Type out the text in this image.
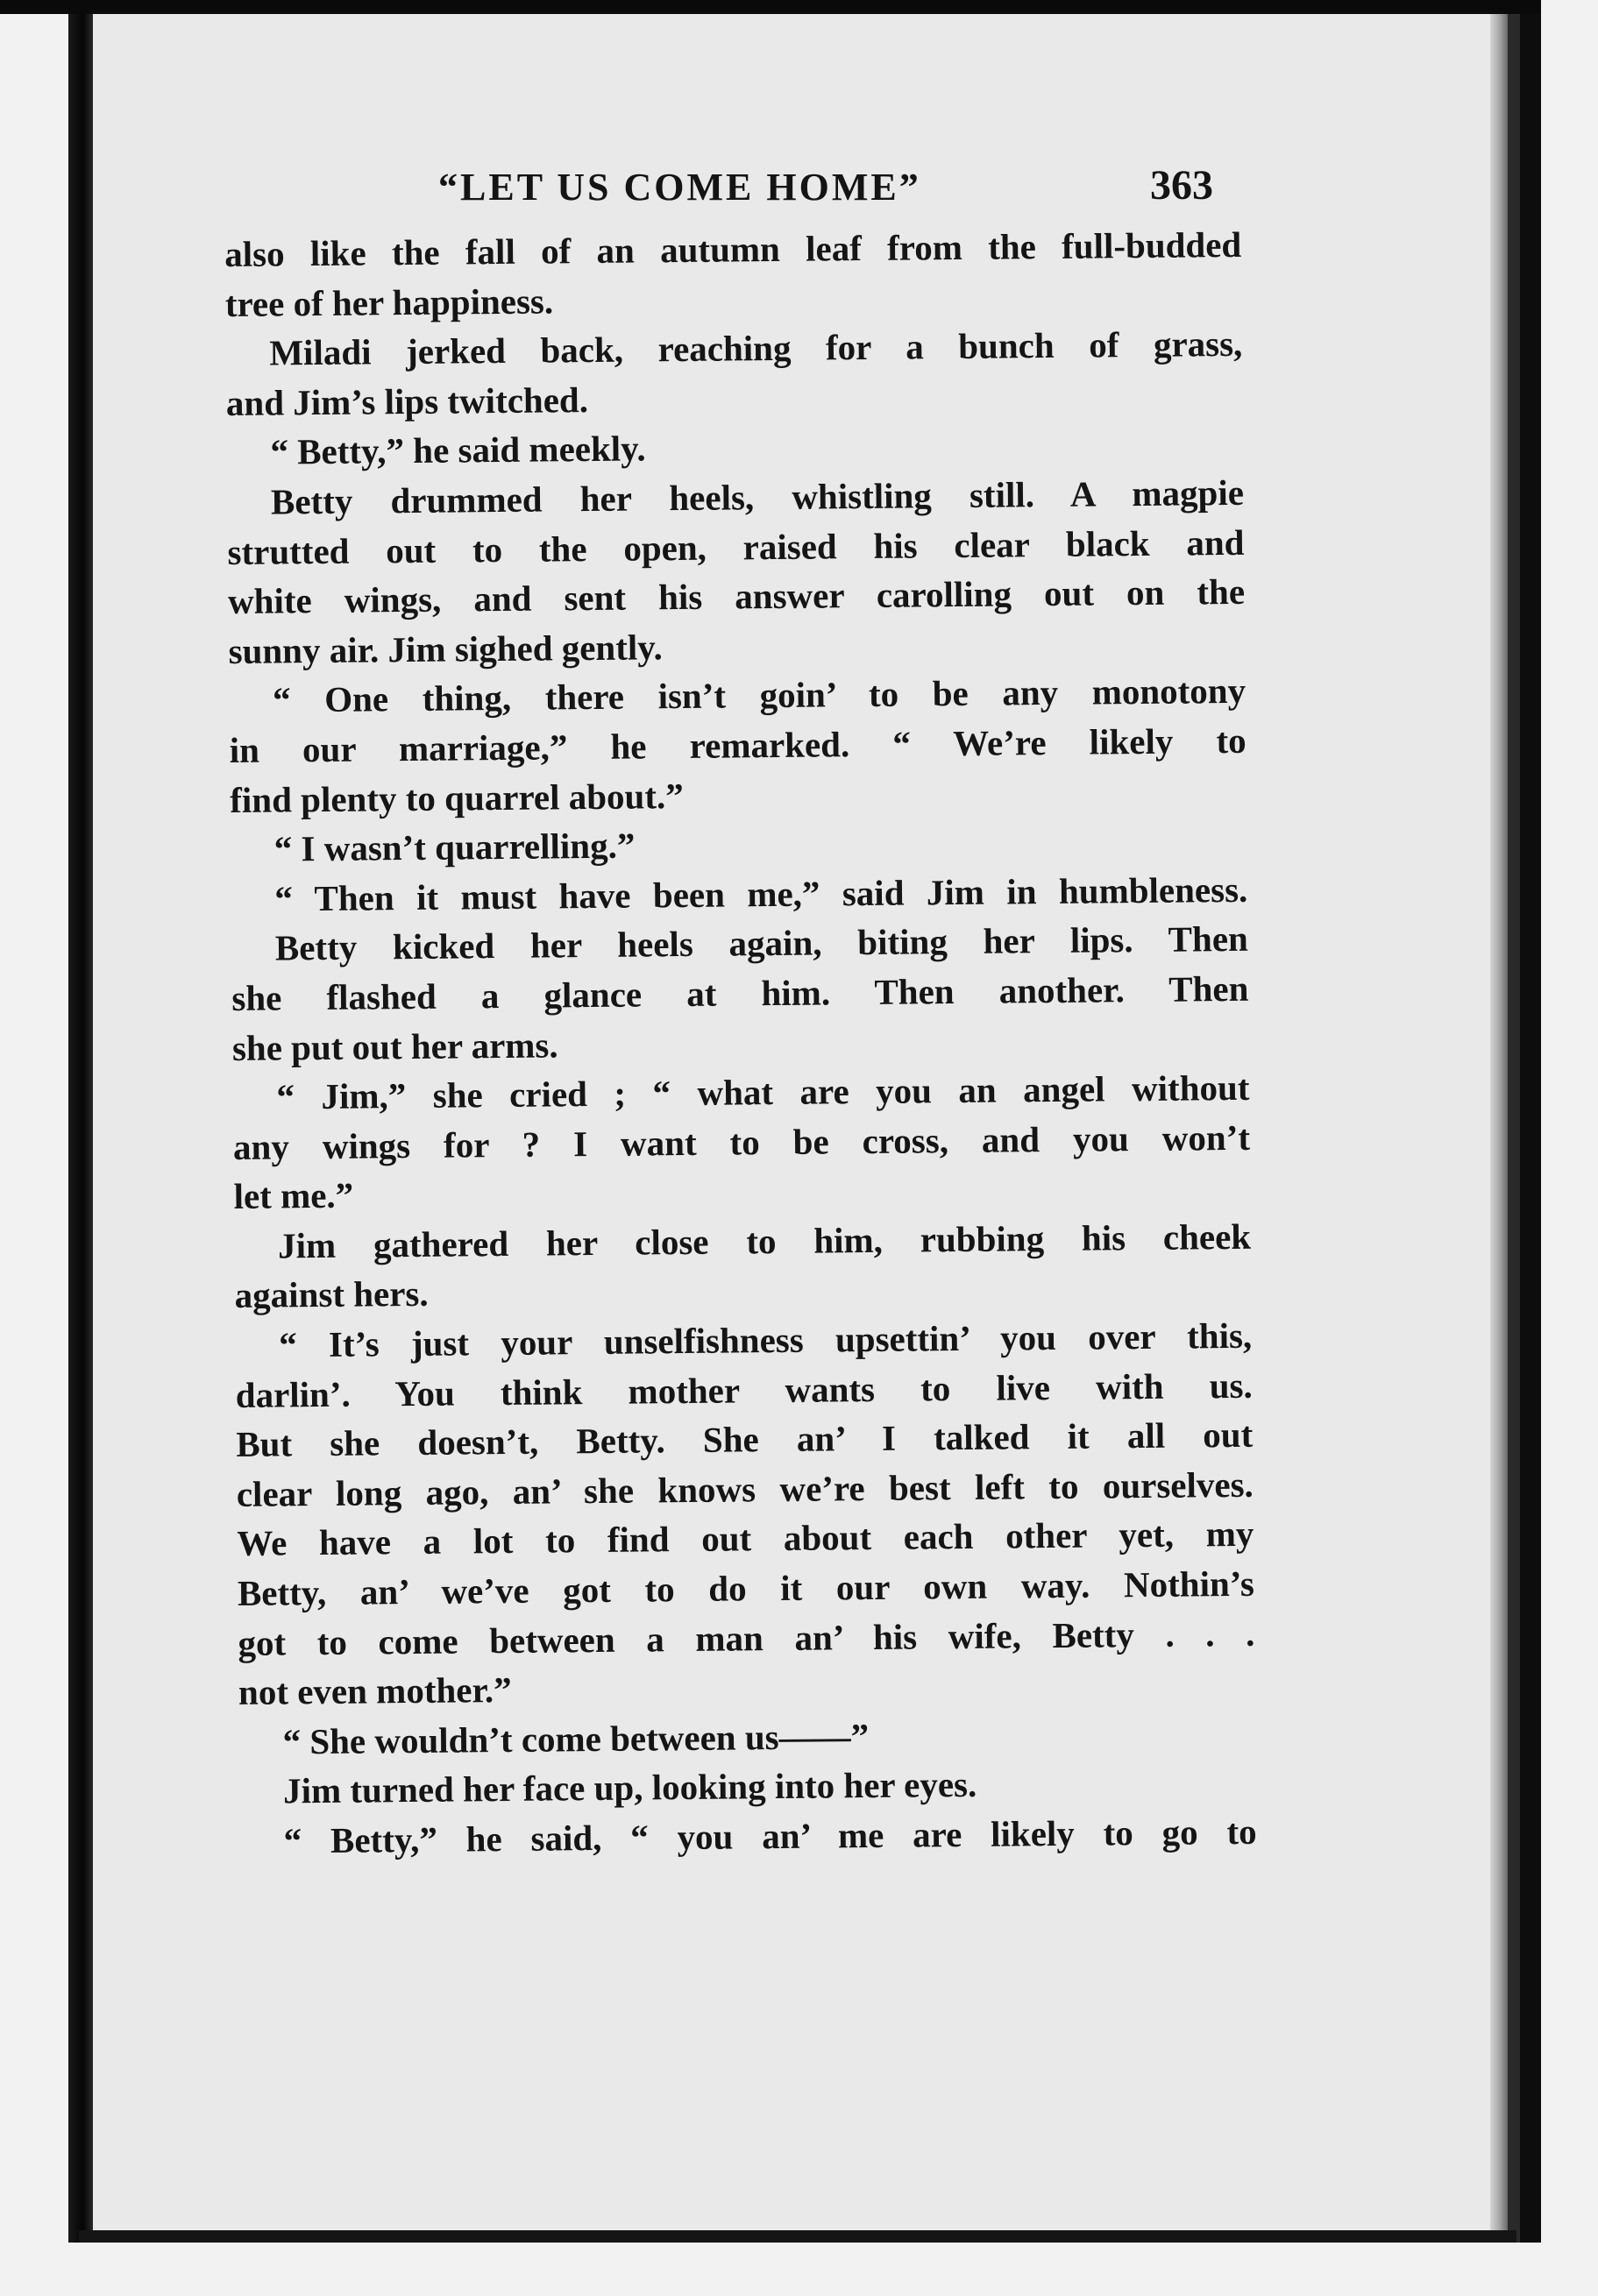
“LET US COME HOME”	363
also like the fall of an autumn leaf from the full-budded
tree of her happiness.
Miladi jerked back, reaching for a bunch of grass,
and Jim’s lips twitched.
“ Betty,” he said meekly.
Betty drummed her heels, whistling still. A magpie
strutted out to the open, raised his clear black and
white wings, and sent his answer carolling out on the
sunny air. Jim sighed gently.
“ One thing, there isn’t goin’ to be any monotony
in our marriage,” he remarked. “ We’re likely to
find plenty to quarrel about.”
“ I wasn’t quarrelling.”
“ Then it must have been me,” said Jim in humbleness.
Betty kicked her heels again, biting her lips. Then
she flashed a glance at him. Then another. Then
she put out her arms.
“ Jim,” she cried ; “ what are you an angel without
any wings for ? I want to be cross, and you won’t
let me.”
Jim gathered her close to him, rubbing his cheek
against hers.
“ It’s just your unselfishness upsettin’ you over this,
darlin’. You think mother wants to live with us.
But she doesn’t, Betty. She an’ I talked it all out
clear long ago, an’ she knows we’re best left to ourselves.
We have a lot to find out about each other yet, my
Betty, an’ we’ve got to do it our own way. Nothin’s
got to come between a man an’ his wife, Betty . . .
not even mother.”
“ She wouldn’t come between us——”
Jim turned her face up, looking into her eyes.
“ Betty,” he said, “ you an’ me are likely to go to
